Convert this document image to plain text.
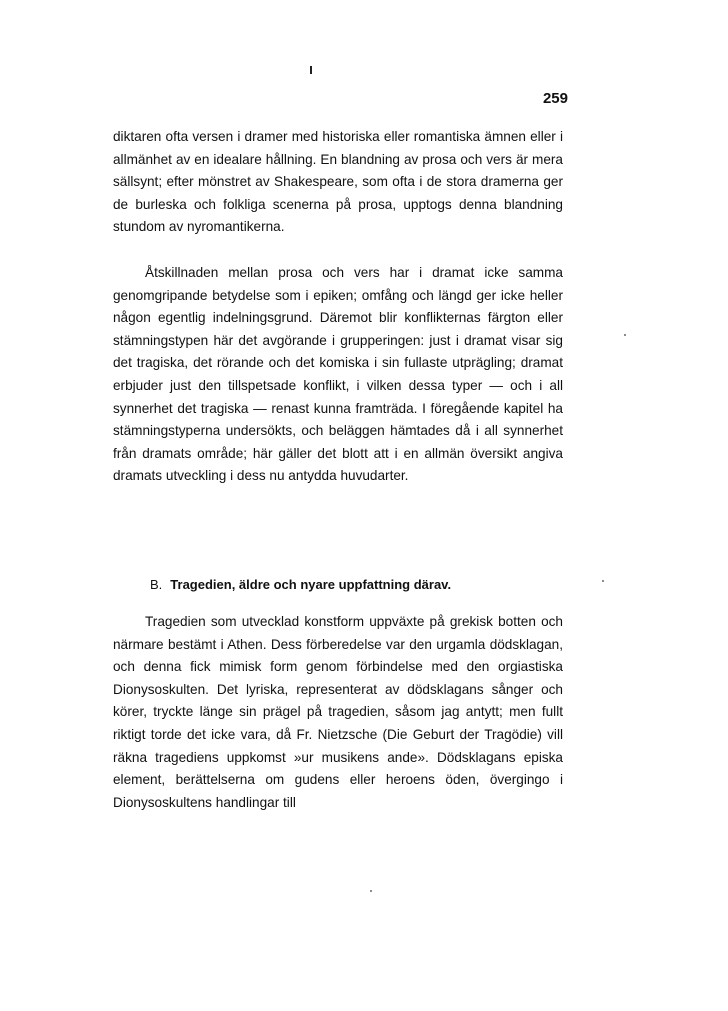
259

diktaren ofta versen i dramer med historiska eller romantiska ämnen eller i allmänhet av en idealare hållning. En blandning av prosa och vers är mera sällsynt; efter mönstret av Shakespeare, som ofta i de stora dramerna ger de burleska och folkliga scenerna på prosa, upptogs denna blandning stundom av nyromantikerna.

Åtskillnaden mellan prosa och vers har i dramat icke samma genomgripande betydelse som i epiken; omfång och längd ger icke heller någon egentlig indelningsgrund. Däremot blir konflikternas färgton eller stämningstypen här det avgörande i grupperingen: just i dramat visar sig det tragiska, det rörande och det komiska i sin fullaste utprägling; dramat erbjuder just den tillspetsade konflikt, i vilken dessa typer — och i all synnerhet det tragiska — renast kunna framträda. I föregående kapitel ha stämningstyperna undersökts, och beläggen hämtades då i all synnerhet från dramats område; här gäller det blott att i en allmän översikt angiva dramats utveckling i dess nu antydda huvudarter.

B. Tragedien, äldre och nyare uppfattning därav.

Tragedien som utvecklad konstform uppväxte på grekisk botten och närmare bestämt i Athen. Dess förberedelse var den urgamla dödsklagan, och denna fick mimisk form genom förbindelse med den orgiastiska Dionysoskulten. Det lyriska, representerat av dödsklagans sånger och körer, tryckte länge sin prägel på tragedien, såsom jag antytt; men fullt riktigt torde det icke vara, då Fr. Nietzsche (Die Geburt der Tragödie) vill räkna tragediens uppkomst »ur musikens ande». Dödsklagans episka element, berättelserna om gudens eller heroens öden, övergingo i Dionysoskultens handlingar till
